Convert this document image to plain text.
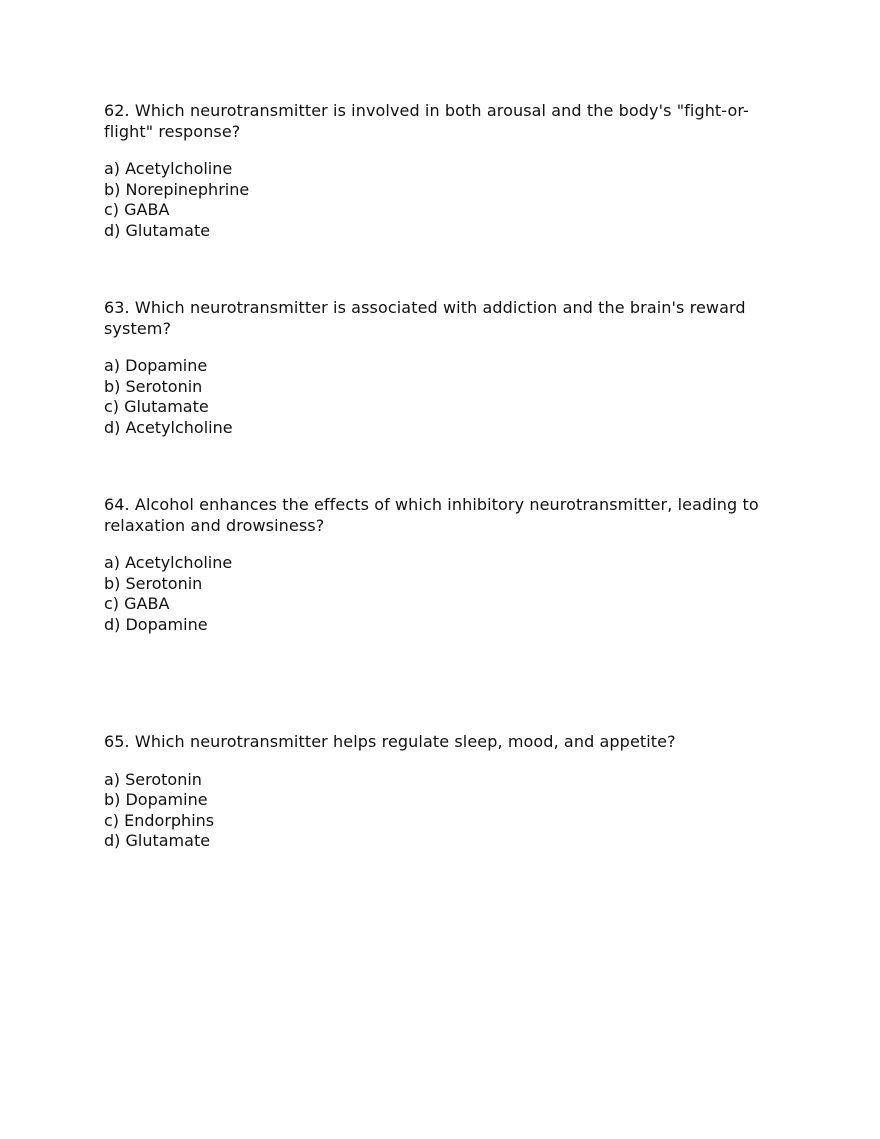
62. Which neurotransmitter is involved in both arousal and the body's "fight-or-flight" response?

a) Acetylcholine
b) Norepinephrine
c) GABA
d) Glutamate

63. Which neurotransmitter is associated with addiction and the brain's reward system?

a) Dopamine
b) Serotonin
c) Glutamate
d) Acetylcholine

64. Alcohol enhances the effects of which inhibitory neurotransmitter, leading to relaxation and drowsiness?

a) Acetylcholine
b) Serotonin
c) GABA
d) Dopamine

65. Which neurotransmitter helps regulate sleep, mood, and appetite?

a) Serotonin
b) Dopamine
c) Endorphins
d) Glutamate
